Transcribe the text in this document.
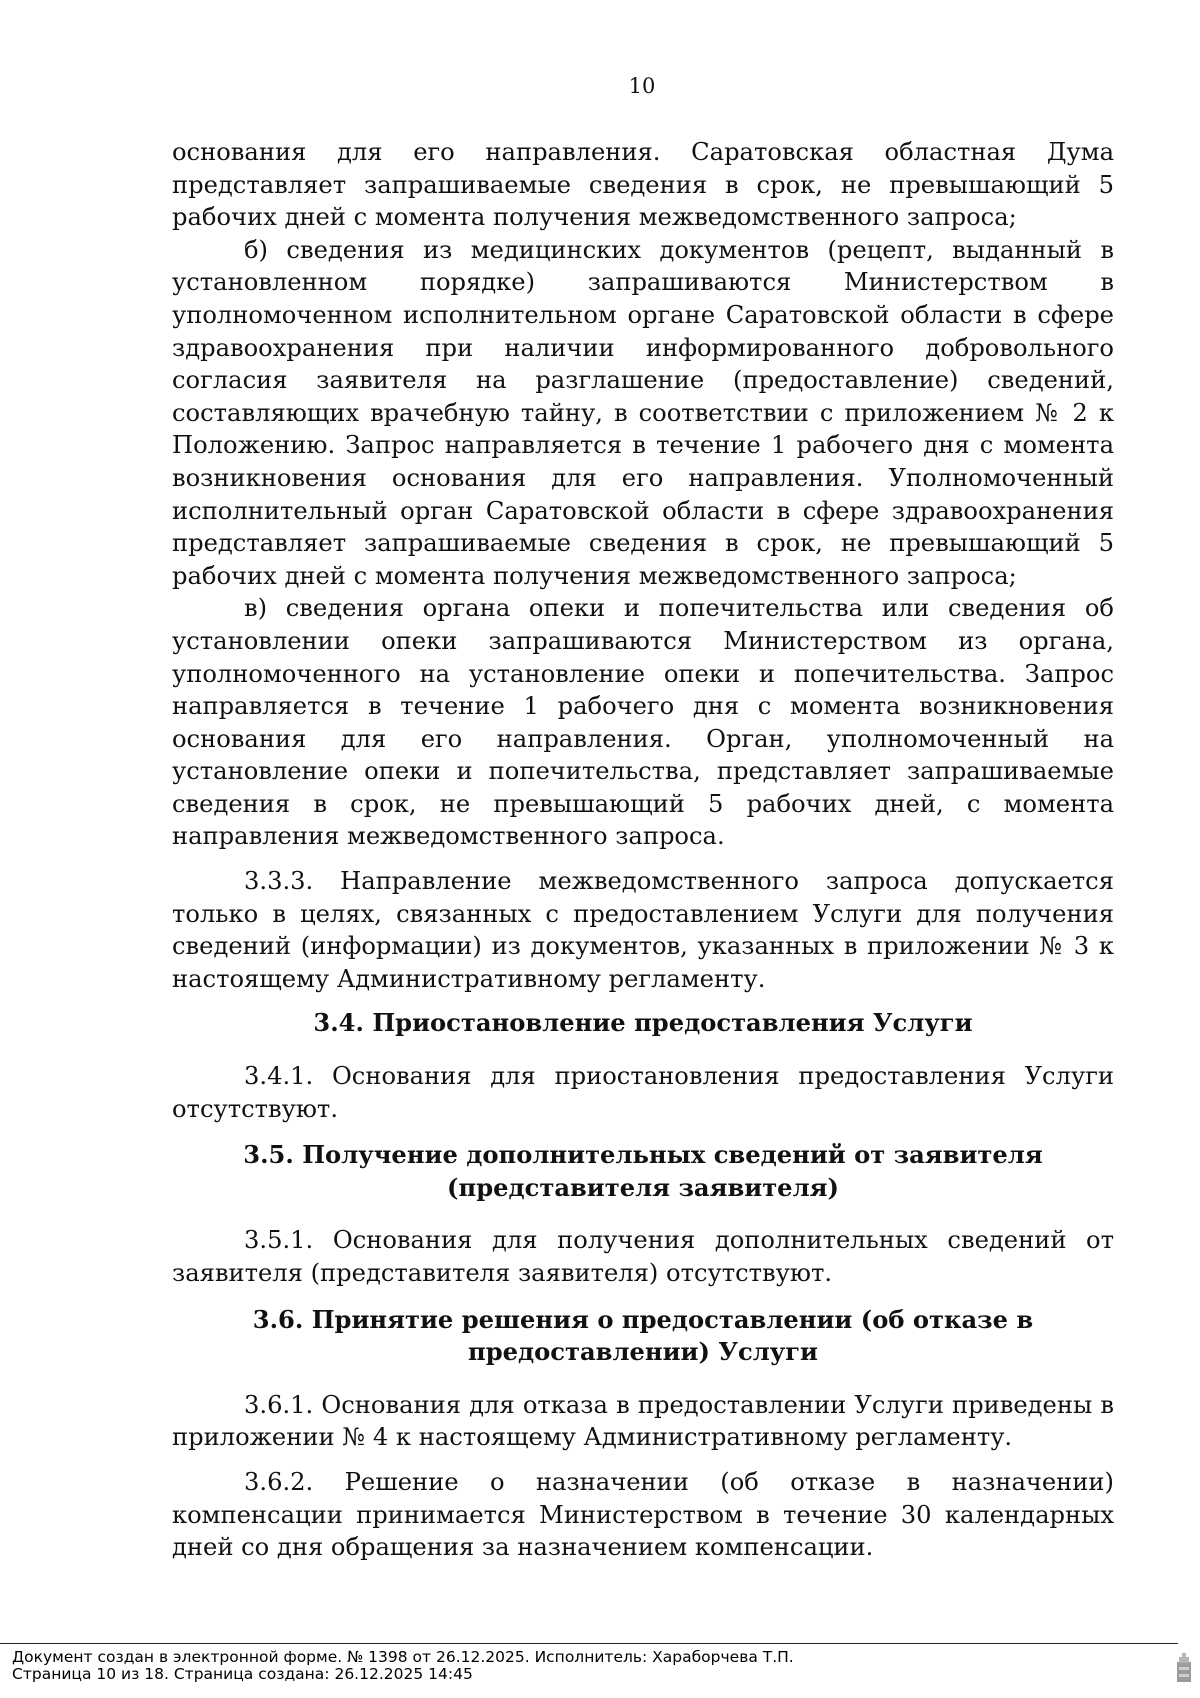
10

основания для его направления. Саратовская областная Дума представляет запрашиваемые сведения в срок, не превышающий 5 рабочих дней с момента получения межведомственного запроса;

б) сведения из медицинских документов (рецепт, выданный в установленном порядке) запрашиваются Министерством в уполномоченном исполнительном органе Саратовской области в сфере здравоохранения при наличии информированного добровольного согласия заявителя на разглашение (предоставление) сведений, составляющих врачебную тайну, в соответствии с приложением № 2 к Положению. Запрос направляется в течение 1 рабочего дня с момента возникновения основания для его направления. Уполномоченный исполнительный орган Саратовской области в сфере здравоохранения представляет запрашиваемые сведения в срок, не превышающий 5 рабочих дней с момента получения межведомственного запроса;

в) сведения органа опеки и попечительства или сведения об установлении опеки запрашиваются Министерством из органа, уполномоченного на установление опеки и попечительства. Запрос направляется в течение 1 рабочего дня с момента возникновения основания для его направления. Орган, уполномоченный на установление опеки и попечительства, представляет запрашиваемые сведения в срок, не превышающий 5 рабочих дней, с момента направления межведомственного запроса.

3.3.3. Направление межведомственного запроса допускается только в целях, связанных с предоставлением Услуги для получения сведений (информации) из документов, указанных в приложении № 3 к настоящему Административному регламенту.

3.4. Приостановление предоставления Услуги

3.4.1. Основания для приостановления предоставления Услуги отсутствуют.

3.5. Получение дополнительных сведений от заявителя (представителя заявителя)

3.5.1. Основания для получения дополнительных сведений от заявителя (представителя заявителя) отсутствуют.

3.6. Принятие решения о предоставлении (об отказе в предоставлении) Услуги

3.6.1. Основания для отказа в предоставлении Услуги приведены в приложении № 4 к настоящему Административному регламенту.

3.6.2. Решение о назначении (об отказе в назначении) компенсации принимается Министерством в течение 30 календарных дней со дня обращения за назначением компенсации.

Документ создан в электронной форме. № 1398 от 26.12.2025. Исполнитель: Хараборчева Т.П.
Страница 10 из 18. Страница создана: 26.12.2025 14:45
